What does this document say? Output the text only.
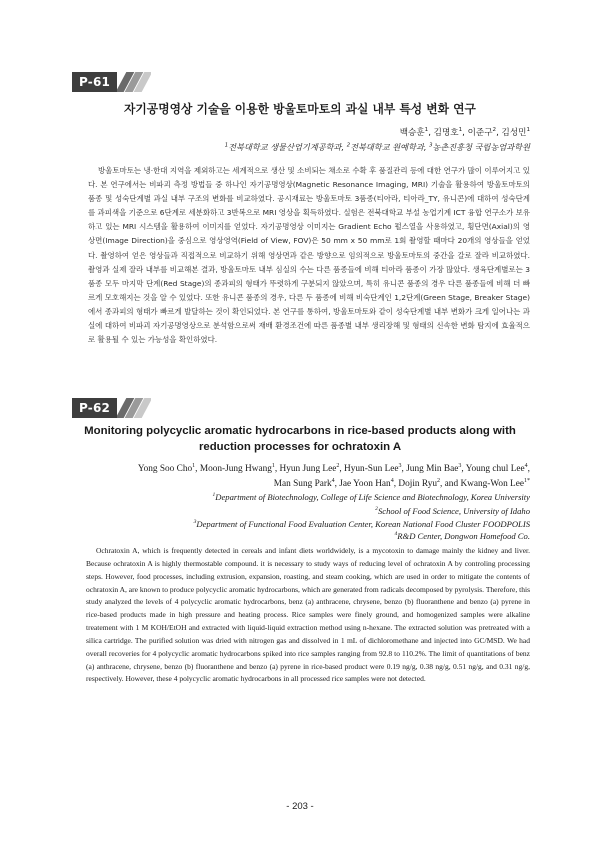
P-61
자기공명영상 기술을 이용한 방울토마토의 과실 내부 특성 변화 연구
백승훈$^1$, 김명호$^1$, 이준구$^2$, 김성민$^1$
$^1$전북대학교 생물산업기계공학과, $^2$전북대학교 원예학과, $^3$농촌진흥청 국립농업과학원

방울토마토는 냉·한대 지역을 제외하고는 세계적으로 생산 및 소비되는 채소로 수확 후 품질관리 등에 대한 연구가 많이 이루어지고 있다. 본 연구에서는 비파괴 측정 방법들 중 하나인 자기공명영상(Magnetic Resonance Imaging, MRI) 기술을 활용하여 방울토마토의 품종 및 성숙단계별 과실 내부 구조의 변화를 비교하였다. 공시재료는 방울토마토 3품종(티아라, 티아라_TY, 유니콘)에 대하여 성숙단계를 과피색을 기준으로 6단계로 세분화하고 3반복으로 MRI 영상을 획득하였다. 실험은 전북대학교 부설 농업기계 ICT 융합 연구소가 보유하고 있는 MRI 시스템을 활용하여 이미지를 얻었다. 자기공명영상 이미지는 Gradient Echo 펄스열을 사용하였고, 횡단면(Axial)의 영상면(Image Direction)을 중심으로 영상영역(Field of View, FOV)은 50 mm x 50 mm로 1회 촬영할 때마다 20개의 영상들을 얻었다. 촬영하여 얻은 영상들과 직접적으로 비교하기 위해 영상면과 같은 방향으로 임의적으로 방울토마토의 중간을 갈로 잘라 비교하였다. 촬영과 실제 잘라 내부를 비교해본 결과, 방울토마토 내부 심실의 수는 다른 품종들에 비해 티아라 품종이 가장 많았다. 생육단계별로는 3품종 모두 마지막 단계(Red Stage)의 종과피의 형태가 뚜렷하게 구분되지 않았으며, 특히 유니콘 품종의 경우 다른 품종들에 비해 더 빠르게 모호해지는 것을 알 수 있었다. 또한 유니콘 품종의 경우, 다른 두 품종에 비해 비숙단계인 1,2단계(Green Stage, Breaker Stage)에서 종과피의 형태가 빠르게 발달하는 것이 확인되었다. 본 연구를 통하여, 방울토마토와 같이 성숙단계별 내부 변화가 크게 일어나는 과실에 대하여 비파괴 자기공명영상으로 분석함으로써 재배 환경조건에 따른 품종별 내부 생리장해 및 형태의 신속한 변화 탐지에 효율적으로 활용될 수 있는 가능성을 확인하였다.

P-62
Monitoring polycyclic aromatic hydrocarbons in rice-based products along with
reduction processes for ochratoxin A
Yong Soo Cho$^1$, Moon-Jung Hwang$^1$, Hyun Jung Lee$^2$, Hyun-Sun Lee$^3$, Jung Min Bae$^3$, Young chul Lee$^4$,
Man Sung Park$^4$, Jae Yoon Han$^4$, Dojin Ryu$^2$, and Kwang-Won Lee$^{1*}$
$^1$Department of Biotechnology, College of Life Science and Biotechnology, Korea University
$^2$School of Food Science, University of Idaho
$^3$Department of Functional Food Evaluation Center, Korean National Food Cluster FOODPOLIS
$^4$R&D Center, Dongwon Homefood Co.

Ochratoxin A, which is frequently detected in cereals and infant diets worldwidely, is a mycotoxin to damage mainly the kidney and liver. Because ochratoxin A is highly thermostable compound. it is necessary to study ways of reducing level of ochratoxin A by controling processing steps. However, food processes, including extrusion, expansion, roasting, and steam cooking, which are used in order to mitigate the contents of ochratoxin A, are known to produce polycyclic aromatic hydrocarbons, which are generated from radicals decomposed by pyrolysis. Therefore, this study analyzed the levels of 4 polycyclic aromatic hydrocarbons, benz (a) anthracene, chrysene, benzo (b) fluoranthene and benzo (a) pyrene in rice-based products made in high pressure and heating process. Rice samples were finely ground, and homogenized samples were alkaline treatement with 1 M KOH/EtOH and extracted with liquid-liquid extraction method using n-hexane. The extracted solution was pretreated with a silica cartridge. The purified solution was dried with nitrogen gas and dissolved in 1 mL of dichloromethane and injected into GC/MSD. We had overall recoveries for 4 polycyclic aromatic hydrocarbons spiked into rice samples ranging from 92.8 to 110.2%. The limit of quantitations of benz (a) anthracene, chrysene, benzo (b) fluoranthene and benzo (a) pyrene in rice-based product were 0.19 ng/g, 0.38 ng/g, 0.51 ng/g, and 0.31 ng/g, respectively. However, these 4 polycyclic aromatic hydrocarbons in all processed rice samples were not detected.

- 203 -
